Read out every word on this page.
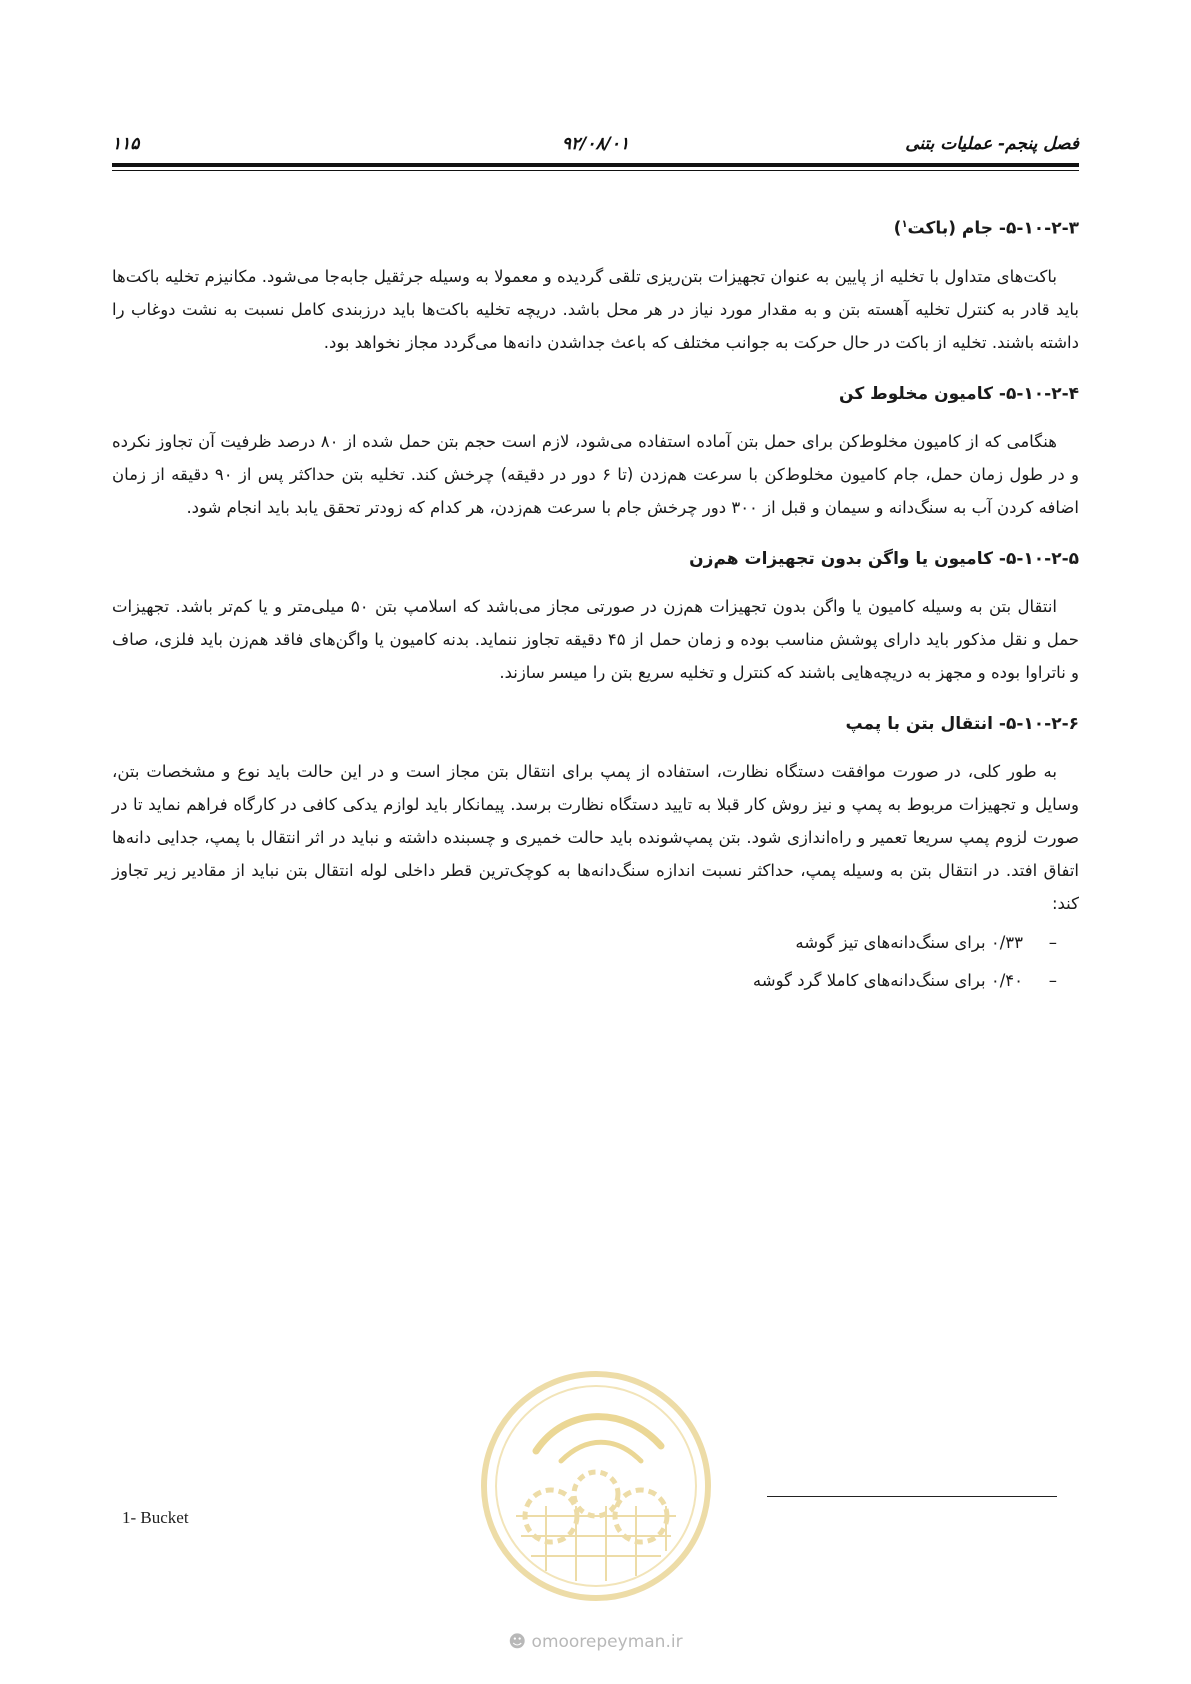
فصل پنجم- عملیات بتنی
۹۲/۰۸/۰۱
۱۱۵
۵-۱۰-۲-۳- جام (باکت$^۱$)

باکت‌های متداول با تخلیه از پایین به عنوان تجهیزات بتن‌ریزی تلقی گردیده و معمولا به وسیله جرثقیل جابه‌جا می‌شود. مکانیزم تخلیه باکت‌ها باید قادر به کنترل تخلیه آهسته بتن و به مقدار مورد نیاز در هر محل باشد. دریچه تخلیه باکت‌ها باید درزبندی کامل نسبت به نشت دوغاب را داشته باشند. تخلیه از باکت در حال حرکت به جوانب مختلف که باعث جداشدن دانه‌ها می‌گردد مجاز نخواهد بود.

۵-۱۰-۲-۴- کامیون مخلوط کن

هنگامی که از کامیون مخلوط‌کن برای حمل بتن آماده استفاده می‌شود، لازم است حجم بتن حمل شده از ۸۰ درصد ظرفیت آن تجاوز نکرده و در طول زمان حمل، جام کامیون مخلوط‌کن با سرعت هم‌زدن (تا ۶ دور در دقیقه) چرخش کند. تخلیه بتن حداکثر پس از ۹۰ دقیقه از زمان اضافه کردن آب به سنگ‌دانه و سیمان و قبل از ۳۰۰ دور چرخش جام با سرعت هم‌زدن، هر کدام که زودتر تحقق یابد باید انجام شود.

۵-۱۰-۲-۵- کامیون یا واگن بدون تجهیزات هم‌زن

انتقال بتن به وسیله کامیون یا واگن بدون تجهیزات هم‌زن در صورتی مجاز می‌باشد که اسلامپ بتن ۵۰ میلی‌متر و یا کم‌تر باشد. تجهیزات حمل و نقل مذکور باید دارای پوشش مناسب بوده و زمان حمل از ۴۵ دقیقه تجاوز ننماید. بدنه کامیون یا واگن‌های فاقد هم‌زن باید فلزی، صاف و ناتراوا بوده و مجهز به دریچه‌هایی باشند که کنترل و تخلیه سریع بتن را میسر سازند.

۵-۱۰-۲-۶- انتقال بتن با پمپ

به طور کلی، در صورت موافقت دستگاه نظارت، استفاده از پمپ برای انتقال بتن مجاز است و در این حالت باید نوع و مشخصات بتن، وسایل و تجهیزات مربوط به پمپ و نیز روش کار قبلا به تایید دستگاه نظارت برسد. پیمانکار باید لوازم یدکی کافی در کارگاه فراهم نماید تا در صورت لزوم پمپ سریعا تعمیر و راه‌اندازی شود. بتن پمپ‌شونده باید حالت خمیری و چسبنده داشته و نباید در اثر انتقال با پمپ، جدایی دانه‌ها اتفاق افتد. در انتقال بتن به وسیله پمپ، حداکثر نسبت اندازه سنگ‌دانه‌ها به کوچک‌ترین قطر داخلی لوله انتقال بتن نباید از مقادیر زیر تجاوز کند:

–۰/۳۳ برای سنگ‌دانه‌های تیز گوشه
–۰/۴۰ برای سنگ‌دانه‌های کاملا گرد گوشه
☻ omoorepeyman.ir
1- Bucket
